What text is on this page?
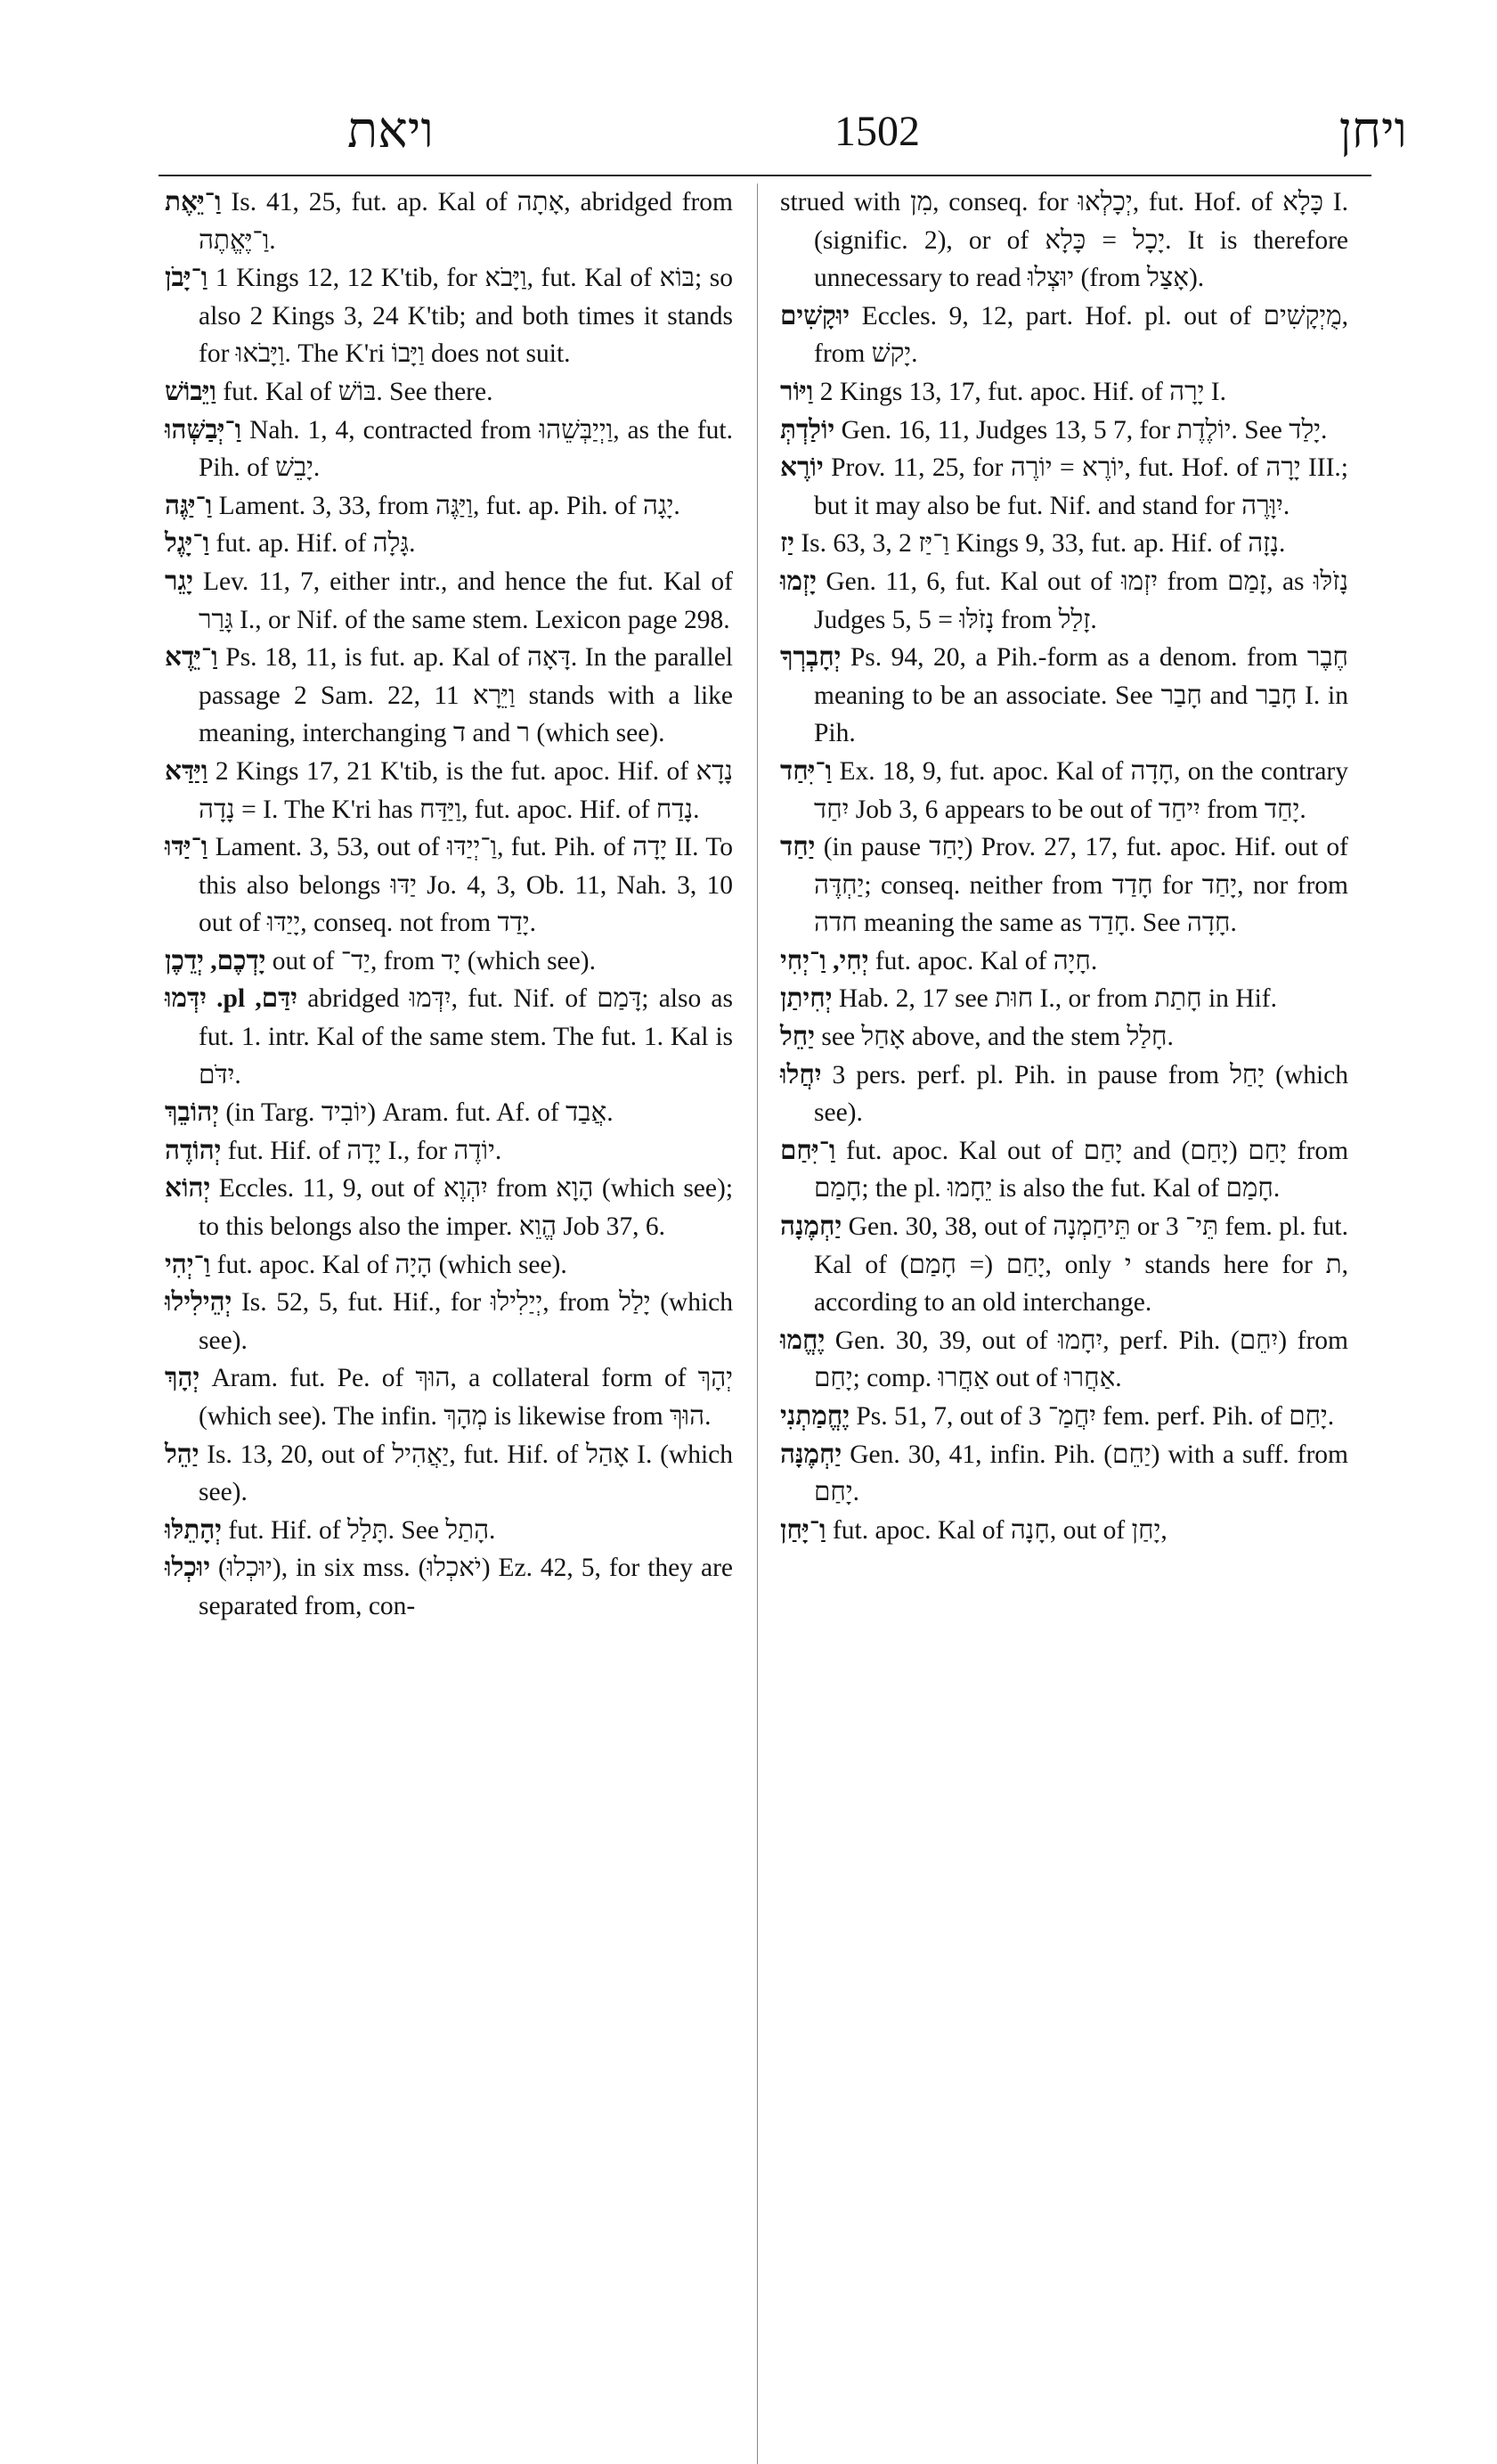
ויאת	1502	ויחן

וַ־יֵּאֶת Is. 41, 25, fut. ap. Kal of אָתָה, abridged from וַ־יֶּאֱתֶה.

וַ־יָּבֹן 1 Kings 12, 12 K'tib, for וַיָּבֹא, fut. Kal of בּוֹא; so also 2 Kings 3, 24 K'tib; and both times it stands for וַיָּבֹאוּ. The K'ri וַיָּבוֹ does not suit.

וַיֵּבוֹשׁ fut. Kal of בּוֹשׁ. See there.

וַ־יְּבַשְּׁהוּ Nah. 1, 4, contracted from וַיְיַבְּשֵׁהוּ, as the fut. Pih. of יָבֵשׁ.

וַ־יַּגֶּה Lament. 3, 33, from וַיַּגֶּה, fut. ap. Pih. of יָגָה.

וַ־יָּגֶל fut. ap. Hif. of גָּלָה.

יָגֵר Lev. 11, 7, either intr., and hence the fut. Kal of גָּרַר I., or Nif. of the same stem. Lexicon page 298.

וַ־יֵּדֶא Ps. 18, 11, is fut. ap. Kal of דָּאָה. In the parallel passage 2 Sam. 22, 11 וַיֵּרָא stands with a like meaning, interchanging ד and ר (which see).

וַיַּדַּא 2 Kings 17, 21 K'tib, is the fut. apoc. Hif. of נָדָא = נָדָה I. The K'ri has וַיַּדַּח, fut. apoc. Hif. of נָדַח.

וַ־יַּדּוּ Lament. 3, 53, out of וַ־יְיַדּוּ, fut. Pih. of יָדָה II. To this also belongs יַדּוּ Jo. 4, 3, Ob. 11, Nah. 3, 10 out of יָיַדּוּ, conseq. not from יָדַד.

יָדְכֶם, יְדֵכֶן out of יַד־, from יָד (which see).

יִדַּם, pl. יִדְּמוּ abridged יִדְּמוּ, fut. Nif. of דָּמַם; also as fut. 1. intr. Kal of the same stem. The fut. 1. Kal is יִדֹּם.

יְהוֹבֵךְ (in Targ. יוֹבִיד) Aram. fut. Af. of אֲבַד.

יְהוֹדֶה fut. Hif. of יָדָה I., for יוֹדֶה.

יְהוֹא Eccles. 11, 9, out of יִהְוֶא from הָוָא (which see); to this belongs also the imper. הֱוֵא Job 37, 6.

וַ־יְהִי fut. apoc. Kal of הָיָה (which see).

יְהֵילִילוּ Is. 52, 5, fut. Hif., for יְיַלִילוּ, from יָלַל (which see).

יְהָךְ Aram. fut. Pe. of הוּךְ, a collateral form of יְהָךְ (which see). The infin. מְהָךְ is likewise from הוּךְ.

יַהֵל Is. 13, 20, out of יַאֲהִיל, fut. Hif. of אָהַל I. (which see).

יְהָתֵלּוּ fut. Hif. of תָּלַל. See הָתַל.

יוּכְלוּ (יוּכְלוּ), in six mss. (יֹאכְלוּ) Ez. 42, 5, for they are separated from, con-

strued with מִן, conseq. for יְכָלְאוּ, fut. Hof. of כָּלָא I. (signific. 2), or of יָכָל = כָּלָא. It is therefore unnecessary to read יוּצְלוּ (from אָצַל).

יוּקָשִׁים Eccles. 9, 12, part. Hof. pl. out of מֻיְקָשִׁים, from יָקשׁ.

וַיּוֹר 2 Kings 13, 17, fut. apoc. Hif. of יָרָה I.

יוֹלַדְתְּ Gen. 16, 11, Judges 13, 5 7, for יוֹלֶדֶת. See יָלַד.

יוֹרֶא Prov. 11, 25, for יוֹרֶא = יוֹרֶה, fut. Hof. of יָרָה III.; but it may also be fut. Nif. and stand for יִוָּרֶה.

יַז Is. 63, 3, וַ־יַּז 2 Kings 9, 33, fut. ap. Hif. of נָזָה.

יָזְמוּ Gen. 11, 6, fut. Kal out of יִזְמוּ from זָמַם, as נָזֹלּוּ Judges 5, 5 = נָזֹלּוּ from זָלַל.

יְחָבְרְךָ Ps. 94, 20, a Pih.-form as a denom. from חֶבֶר meaning to be an associate. See חָבַר and חָבַר I. in Pih.

וַ־יִּחַד Ex. 18, 9, fut. apoc. Kal of חָדָה, on the contrary יִחַד Job 3, 6 appears to be out of יִיחַד from יָחַד.

יַחַד (in pause יָחַד) Prov. 27, 17, fut. apoc. Hif. out of יַחְדֶּה; conseq. neither from חָדַד for יָחַד, nor from חדה meaning the same as חָדַד. See חָדָה.

יְחִי, וַ־יְחִי fut. apoc. Kal of חָיָה.

יְחִיתַן Hab. 2, 17 see חוּת I., or from חָתַת in Hif.

יַחֵל see אָחַל above, and the stem חָלַל.

יִחֲלוּ 3 pers. perf. pl. Pih. in pause from יָחַל (which see).

וַ־יִּחַם fut. apoc. Kal out of יָחַם and יָחַם (יָחַם) from חָמַם; the pl. יֵחָמוּ is also the fut. Kal of חָמַם.

יַחְמֶנָה Gen. 30, 38, out of תֵּיחַמְנָה or תֵּי־ 3 fem. pl. fut. Kal of יָחַם (= חָמַם), only י stands here for ת, according to an old interchange.

יֶחֱמוּ Gen. 30, 39, out of יִחָמוּ, perf. Pih. (יִחֵם) from יָחַם; comp. אַחֲרוּ out of אַחֲרוּ.

יֶחֱמַתְנִי Ps. 51, 7, out of יִחֲמַ־ 3 fem. perf. Pih. of יָחַם.

יַחְמֶנָּה Gen. 30, 41, infin. Pih. (יַחֵם) with a suff. from יָחַם.

וַ־יָּחַן fut. apoc. Kal of חָנָה, out of יָחַן,
